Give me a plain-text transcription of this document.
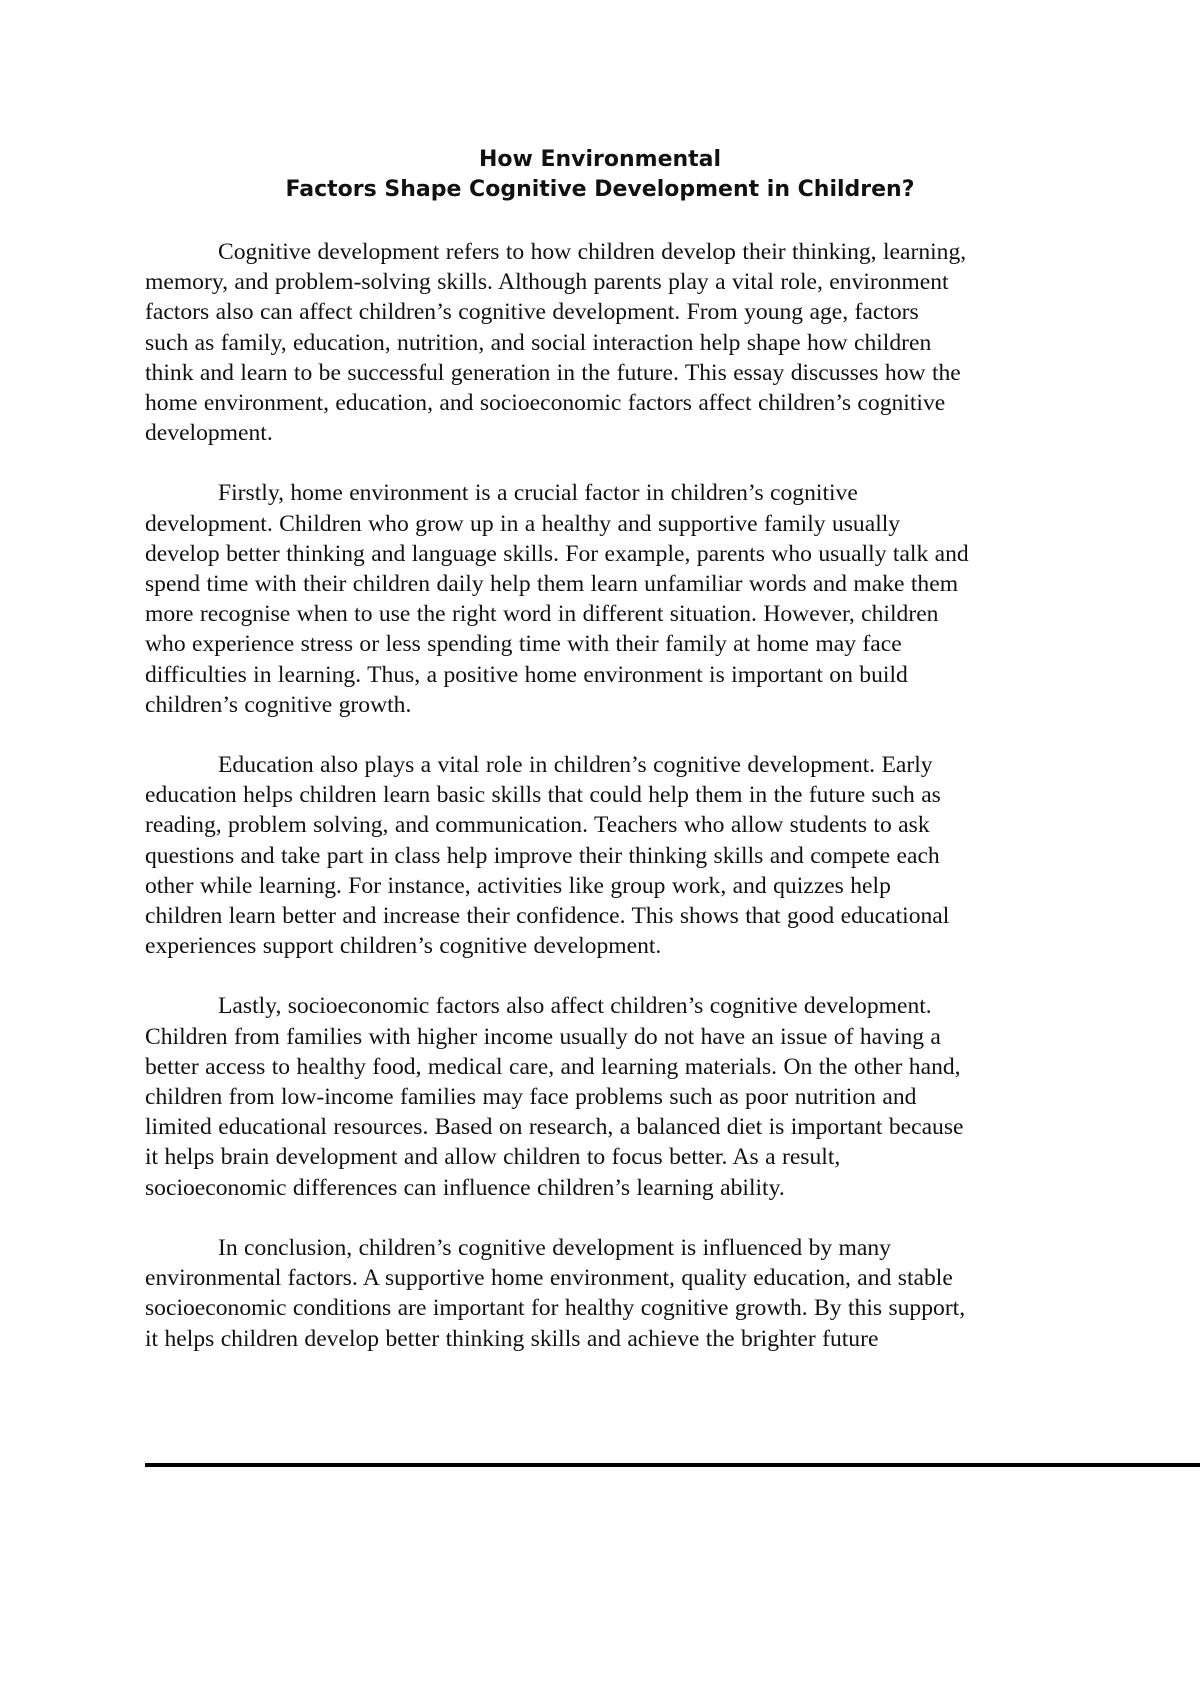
How Environmental
Factors Shape Cognitive Development in Children?

Cognitive development refers to how children develop their thinking, learning,
memory, and problem-solving skills. Although parents play a vital role, environment
factors also can affect children’s cognitive development. From young age, factors
such as family, education, nutrition, and social interaction help shape how children
think and learn to be successful generation in the future. This essay discusses how the
home environment, education, and socioeconomic factors affect children’s cognitive
development.

Firstly, home environment is a crucial factor in children’s cognitive
development. Children who grow up in a healthy and supportive family usually
develop better thinking and language skills. For example, parents who usually talk and
spend time with their children daily help them learn unfamiliar words and make them
more recognise when to use the right word in different situation. However, children
who experience stress or less spending time with their family at home may face
difficulties in learning. Thus, a positive home environment is important on build
children’s cognitive growth.

Education also plays a vital role in children’s cognitive development. Early
education helps children learn basic skills that could help them in the future such as
reading, problem solving, and communication. Teachers who allow students to ask
questions and take part in class help improve their thinking skills and compete each
other while learning. For instance, activities like group work, and quizzes help
children learn better and increase their confidence. This shows that good educational
experiences support children’s cognitive development.

Lastly, socioeconomic factors also affect children’s cognitive development.
Children from families with higher income usually do not have an issue of having a
better access to healthy food, medical care, and learning materials. On the other hand,
children from low-income families may face problems such as poor nutrition and
limited educational resources. Based on research, a balanced diet is important because
it helps brain development and allow children to focus better. As a result,
socioeconomic differences can influence children’s learning ability.

In conclusion, children’s cognitive development is influenced by many
environmental factors. A supportive home environment, quality education, and stable
socioeconomic conditions are important for healthy cognitive growth. By this support,
it helps children develop better thinking skills and achieve the brighter future
